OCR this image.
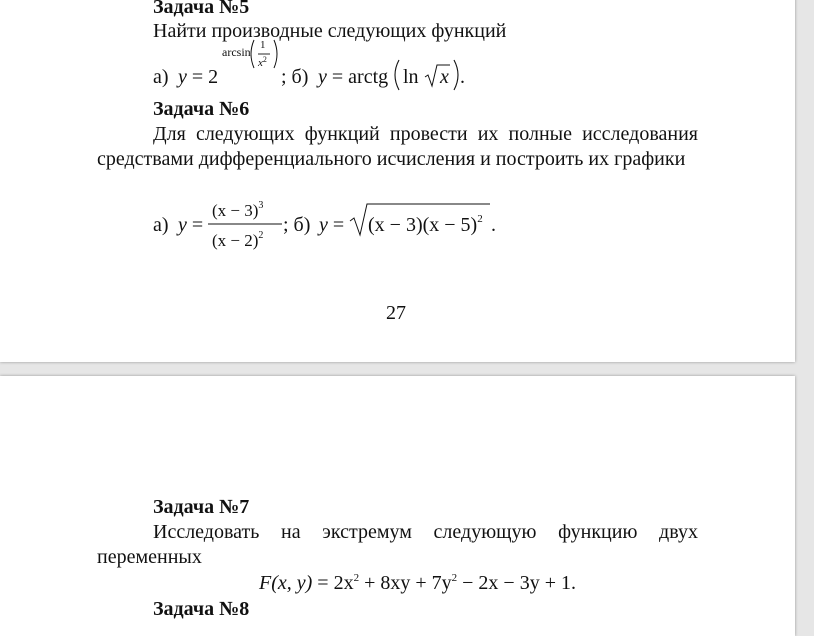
Задача №5
Найти производные следующих функций
а) y = 2
arcsin 1
$x^2$
; б) y = arctg ln x .
Задача №6
Для следующих функций провести их полные исследования средствами дифференциального исчисления и построить их графики
а) y =
$(x - 3)^3$
$(x - 2)^2$ ; б) $y = (x - 3)(x - 5)^2$ .
27
Задача №7
Исследовать на экстремум следующую функцию двух переменных
F(x, $y) = 2x^2 + 8xy + 7y^2 - 2x - 3y + 1$.
Задача №8
